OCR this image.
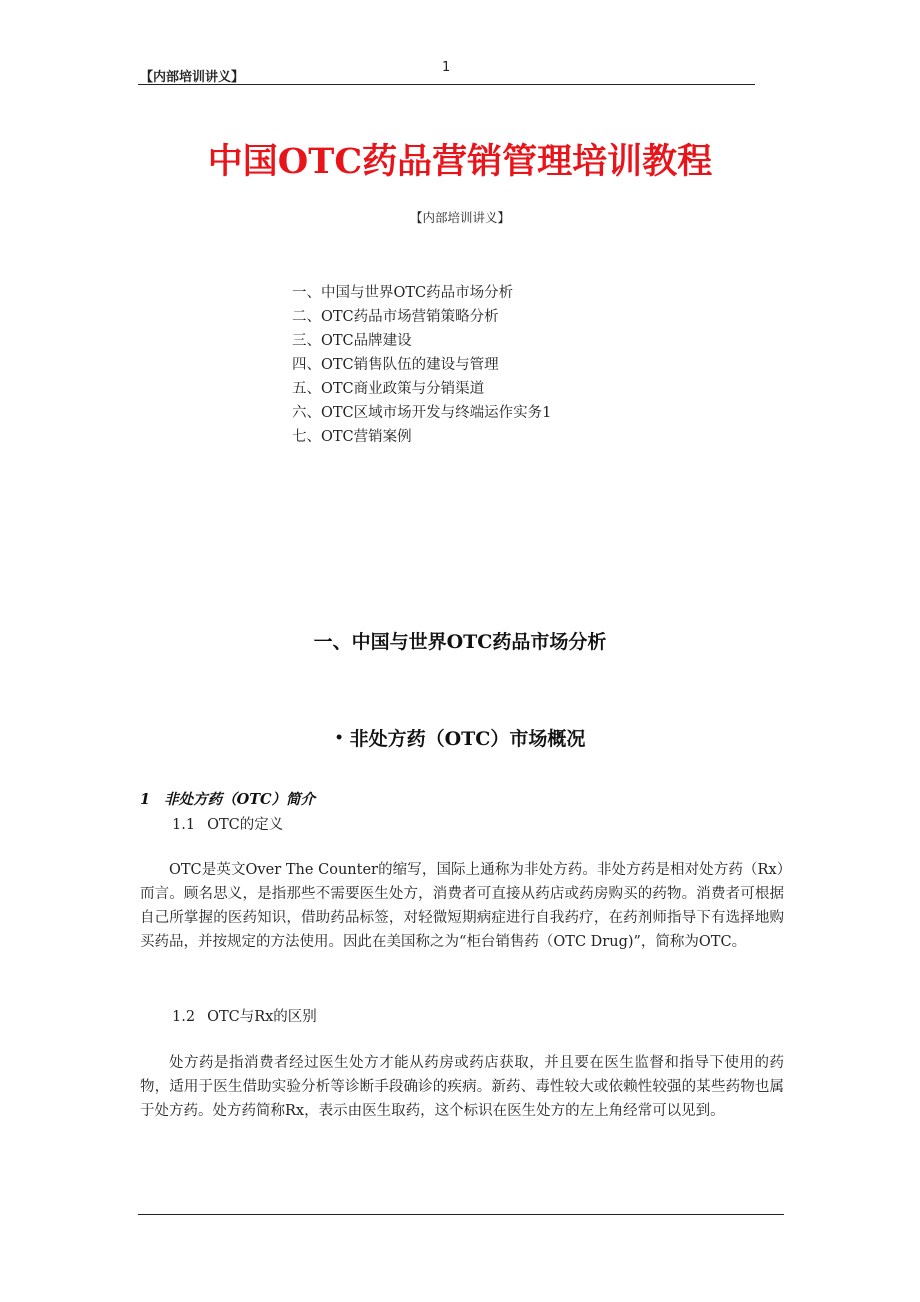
【内部培训讲义】
1
中国OTC药品营销管理培训教程
【内部培训讲义】
一、中国与世界OTC药品市场分析
二、OTC药品市场营销策略分析
三、OTC品牌建设
四、OTC销售队伍的建设与管理
五、OTC商业政策与分销渠道
六、OTC区域市场开发与终端运作实务1
七、OTC营销案例
一、中国与世界OTC药品市场分析
• 非处方药（OTC）市场概况
1 非处方药（OTC）简介
1.1 OTC的定义

OTC是英文Over The Counter的缩写，国际上通称为非处方药。非处方药是相对处方药（Rx）而言。顾名思义，是指那些不需要医生处方，消费者可直接从药店或药房购买的药物。消费者可根据自己所掌握的医药知识，借助药品标签，对轻微短期病症进行自我药疗，在药剂师指导下有选择地购买药品，并按规定的方法使用。因此在美国称之为“柜台销售药（OTC Drug)”，简称为OTC。

1.2 OTC与Rx的区别

处方药是指消费者经过医生处方才能从药房或药店获取，并且要在医生监督和指导下使用的药物，适用于医生借助实验分析等诊断手段确诊的疾病。新药、毒性较大或依赖性较强的某些药物也属于处方药。处方药简称Rx，表示由医生取药，这个标识在医生处方的左上角经常可以见到。
